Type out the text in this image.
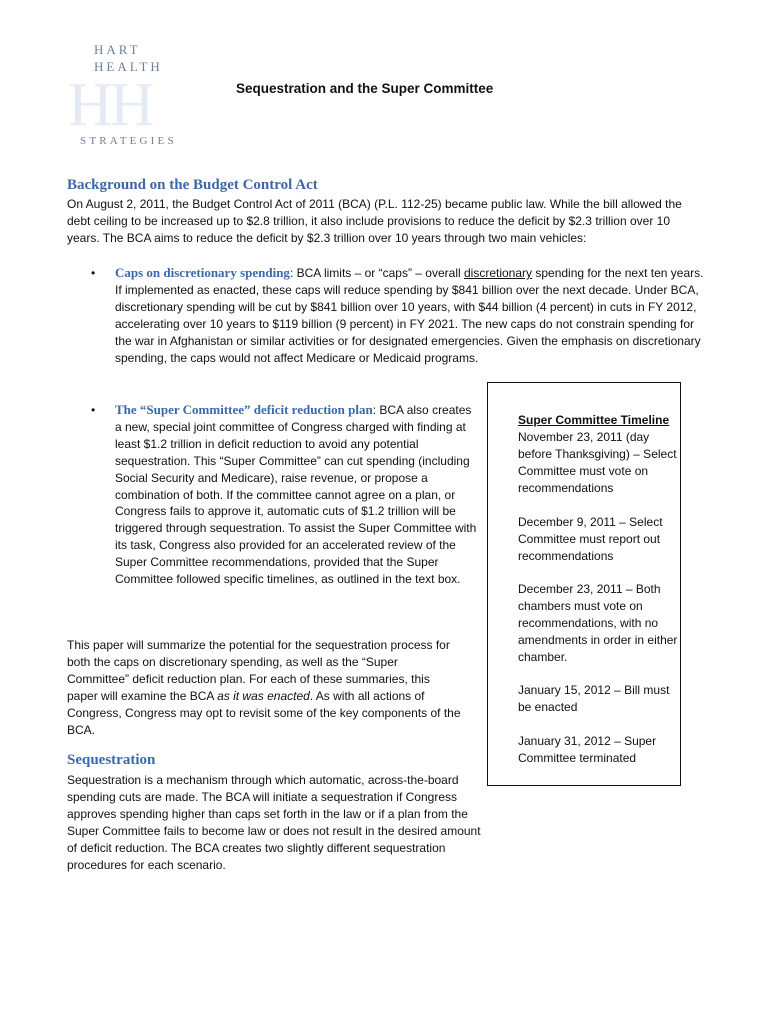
HART
HEALTH
HH
STRATEGIES
Sequestration and the Super Committee
Background on the Budget Control Act

On August 2, 2011, the Budget Control Act of 2011 (BCA) (P.L. 112-25) became public law. While the bill allowed the debt ceiling to be increased up to $2.8 trillion, it also include provisions to reduce the deficit by $2.3 trillion over 10 years. The BCA aims to reduce the deficit by $2.3 trillion over 10 years through two main vehicles:

• Caps on discretionary spending: BCA limits – or “caps” – overall discretionary spending for the next ten years. If implemented as enacted, these caps will reduce spending by $841 billion over the next decade. Under BCA, discretionary spending will be cut by $841 billion over 10 years, with $44 billion (4 percent) in cuts in FY 2012, accelerating over 10 years to $119 billion (9 percent) in FY 2021. The new caps do not constrain spending for the war in Afghanistan or similar activities or for designated emergencies. Given the emphasis on discretionary spending, the caps would not affect Medicare or Medicaid programs.

• The “Super Committee” deficit reduction plan: BCA also creates a new, special joint committee of Congress charged with finding at least $1.2 trillion in deficit reduction to avoid any potential sequestration. This “Super Committee” can cut spending (including Social Security and Medicare), raise revenue, or propose a combination of both. If the committee cannot agree on a plan, or Congress fails to approve it, automatic cuts of $1.2 trillion will be triggered through sequestration. To assist the Super Committee with its task, Congress also provided for an accelerated review of the Super Committee recommendations, provided that the Super Committee followed specific timelines, as outlined in the text box.

This paper will summarize the potential for the sequestration process for both the caps on discretionary spending, as well as the “Super Committee” deficit reduction plan. For each of these summaries, this paper will examine the BCA as it was enacted. As with all actions of Congress, Congress may opt to revisit some of the key components of the BCA.

Sequestration

Sequestration is a mechanism through which automatic, across-the-board spending cuts are made. The BCA will initiate a sequestration if Congress approves spending higher than caps set forth in the law or if a plan from the Super Committee fails to become law or does not result in the desired amount of deficit reduction. The BCA creates two slightly different sequestration procedures for each scenario.

Super Committee Timeline
November 23, 2011 (day before Thanksgiving) – Select Committee must vote on recommendations
December 9, 2011 – Select Committee must report out recommendations
December 23, 2011 – Both chambers must vote on recommendations, with no amendments in order in either chamber.
January 15, 2012 – Bill must be enacted
January 31, 2012 – Super Committee terminated
